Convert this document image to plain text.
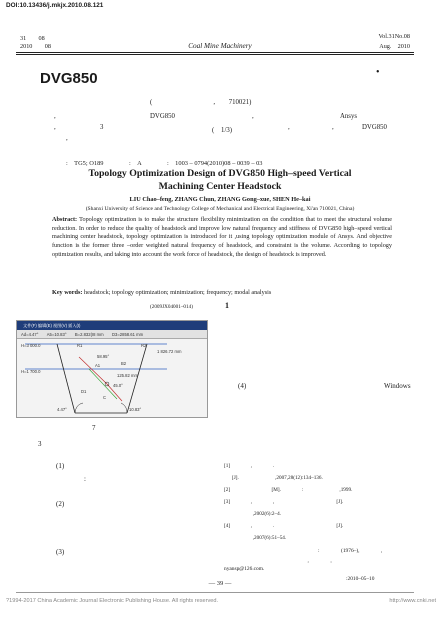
DOI:10.13436/j.mkjx.2010.08.121
31　　08
2010　　08	Coal Mine Machinery
Vol.31No.08
Aug.　2010
DVG850	•
(　　　　　　　　　,　　710021)
,	DVG850	,	Ansys
,	3	(　1/3)	,	,	DVG850
,
:　TG5; O189　　　　:　A　　　　:　1003 – 0794(2010)08 – 0039 – 03
Topology Optimization Design of DVG850 High–speed Vertical
Machining Center Headstock
LIU Chao–feng, ZHANG Chun, ZHANG Gong–xue, SHEN He–kai
(Shanxi University of Science and Technology College of Mechanical and Electrical Engineering, Xi'an 710021, China)
Abstract: Topology optimization is to make the structure flexibility minimization on the condition that to meet the structural volume reduction. In order to reduce the quality of headstock and improve low natural frequency and stiffness of DVG850 high–speed vertical machining center headstock, topology optimization is introduced for it ,using topology optimization module of Ansys. And objective function is the former three –order weighted natural frequency of headstock, and constraint is the volume. According to topology optimization results, and taking into account the work force of headstock, the design of headstock is improved.
Key words: headstock; topology optimization; minimization; frequency; modal analysis
(2009JX04001–014)	1
文件(F) 编辑(E) 视图(V) 插入(I)
Ad=4.47°　　A5=10.83°　　B=2.832(I8 mm　　D3=2858.61 mm
H=3 000.0
H=1 700.0
1 826.72 mm
58.95°
125.82 mm
45.0°
4.47°	10.83°
R1	R2
A1	B2
D1
C
(4)	Windows
3
7
(1)
:
(2)
(3)
[1]　　　　,　　　　.
[J].　　　　　　　,2007,28(12):134–136.
[2]　　　　　　　　[M].　　　　:　　　　　　　,1999.
[3]　　　　,　　　　,　　　　　　　　　　　　[J].
　　　　,2002(6):2–4.
[4]　　　　,　　　　.　　　　　　　　　　　　[J].
　　　　,2007(6):51–54.
:　　　　(1976–),　　　　,
　　　　　　　　　　　　　　,　　　　,
nyansp@126.com.
:2010–05–10
— 39 —
?1994-2017 China Academic Journal Electronic Publishing House. All rights reserved.	http://www.cnki.net
